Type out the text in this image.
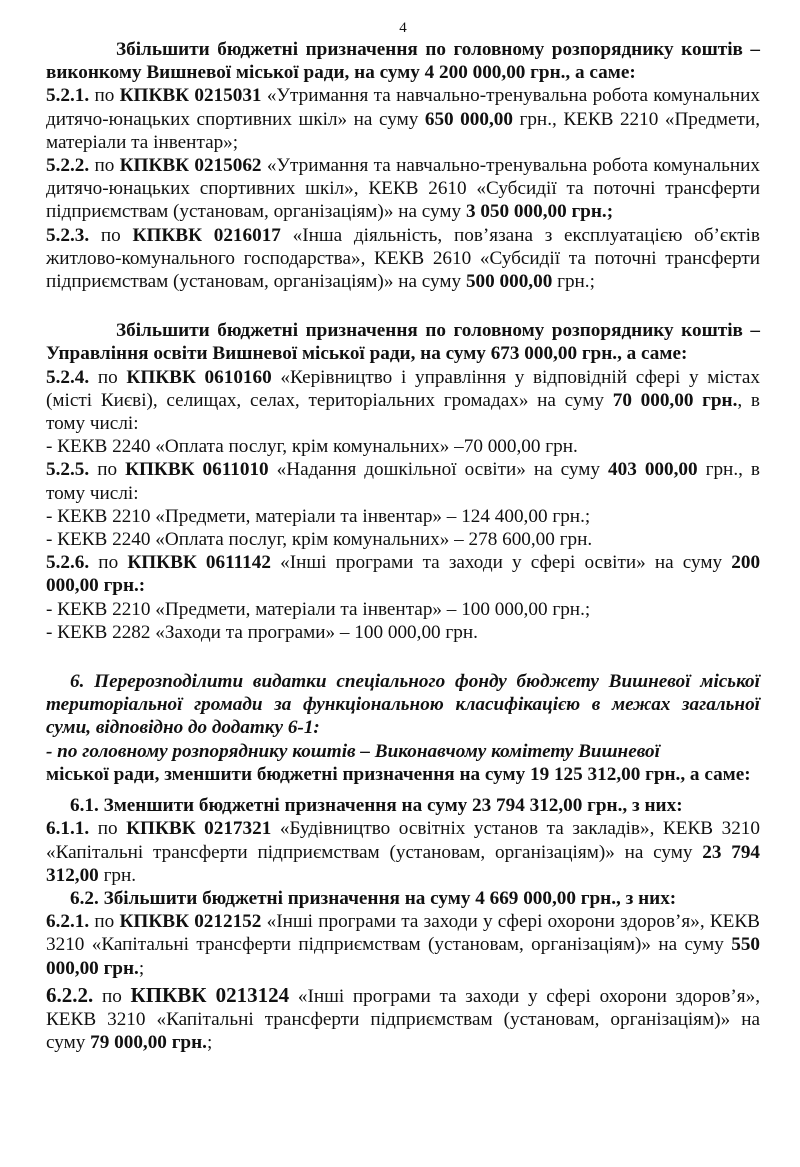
4

Збільшити бюджетні призначення по головному розпоряднику коштів – виконкому Вишневої міської ради, на суму 4 200 000,00 грн., а саме:

5.2.1. по КПКВК 0215031 «Утримання та навчально-тренувальна робота комунальних дитячо-юнацьких спортивних шкіл» на суму 650 000,00 грн., КЕКВ 2210 «Предмети, матеріали та інвентар»;

5.2.2. по КПКВК 0215062 «Утримання та навчально-тренувальна робота комунальних дитячо-юнацьких спортивних шкіл», КЕКВ 2610 «Субсидії та поточні трансферти підприємствам (установам, організаціям)» на суму 3 050 000,00 грн.;

5.2.3. по КПКВК 0216017 «Інша діяльність, пов’язана з експлуатацією об’єктів житлово-комунального господарства», КЕКВ 2610 «Субсидії та поточні трансферти підприємствам (установам, організаціям)» на суму 500 000,00 грн.;

Збільшити бюджетні призначення по головному розпоряднику коштів – Управління освіти Вишневої міської ради, на суму 673 000,00 грн., а саме:

5.2.4. по КПКВК 0610160 «Керівництво і управління у відповідній сфері у містах (місті Києві), селищах, селах, територіальних громадах» на суму 70 000,00 грн., в тому числі:

- КЕКВ 2240 «Оплата послуг, крім комунальних» –70 000,00 грн.

5.2.5. по КПКВК 0611010 «Надання дошкільної освіти» на суму 403 000,00 грн., в тому числі:

- КЕКВ 2210 «Предмети, матеріали та інвентар» – 124 400,00 грн.;

- КЕКВ 2240 «Оплата послуг, крім комунальних» – 278 600,00 грн.

5.2.6. по КПКВК 0611142 «Інші програми та заходи у сфері освіти» на суму 200 000,00 грн.:

- КЕКВ 2210 «Предмети, матеріали та інвентар» – 100 000,00 грн.;

- КЕКВ 2282 «Заходи та програми» – 100 000,00 грн.

6. Перерозподілити видатки спеціального фонду бюджету Вишневої міської територіальної громади за функціональною класифікацією в межах загальної суми, відповідно до додатку 6-1:

- по головному розпоряднику коштів – Виконавчому комітету Вишневої

міської ради, зменшити бюджетні призначення на суму 19 125 312,00 грн., а саме:

6.1. Зменшити бюджетні призначення на суму 23 794 312,00 грн., з них:

6.1.1. по КПКВК 0217321 «Будівництво освітніх установ та закладів», КЕКВ 3210 «Капітальні трансферти підприємствам (установам, організаціям)» на суму 23 794 312,00 грн.

6.2. Збільшити бюджетні призначення на суму 4 669 000,00 грн., з них:

6.2.1. по КПКВК 0212152 «Інші програми та заходи у сфері охорони здоров’я», КЕКВ 3210 «Капітальні трансферти підприємствам (установам, організаціям)» на суму 550 000,00 грн.;

6.2.2. по КПКВК 0213124 «Інші програми та заходи у сфері охорони здоров’я», КЕКВ 3210 «Капітальні трансферти підприємствам (установам, організаціям)» на суму 79 000,00 грн.;
